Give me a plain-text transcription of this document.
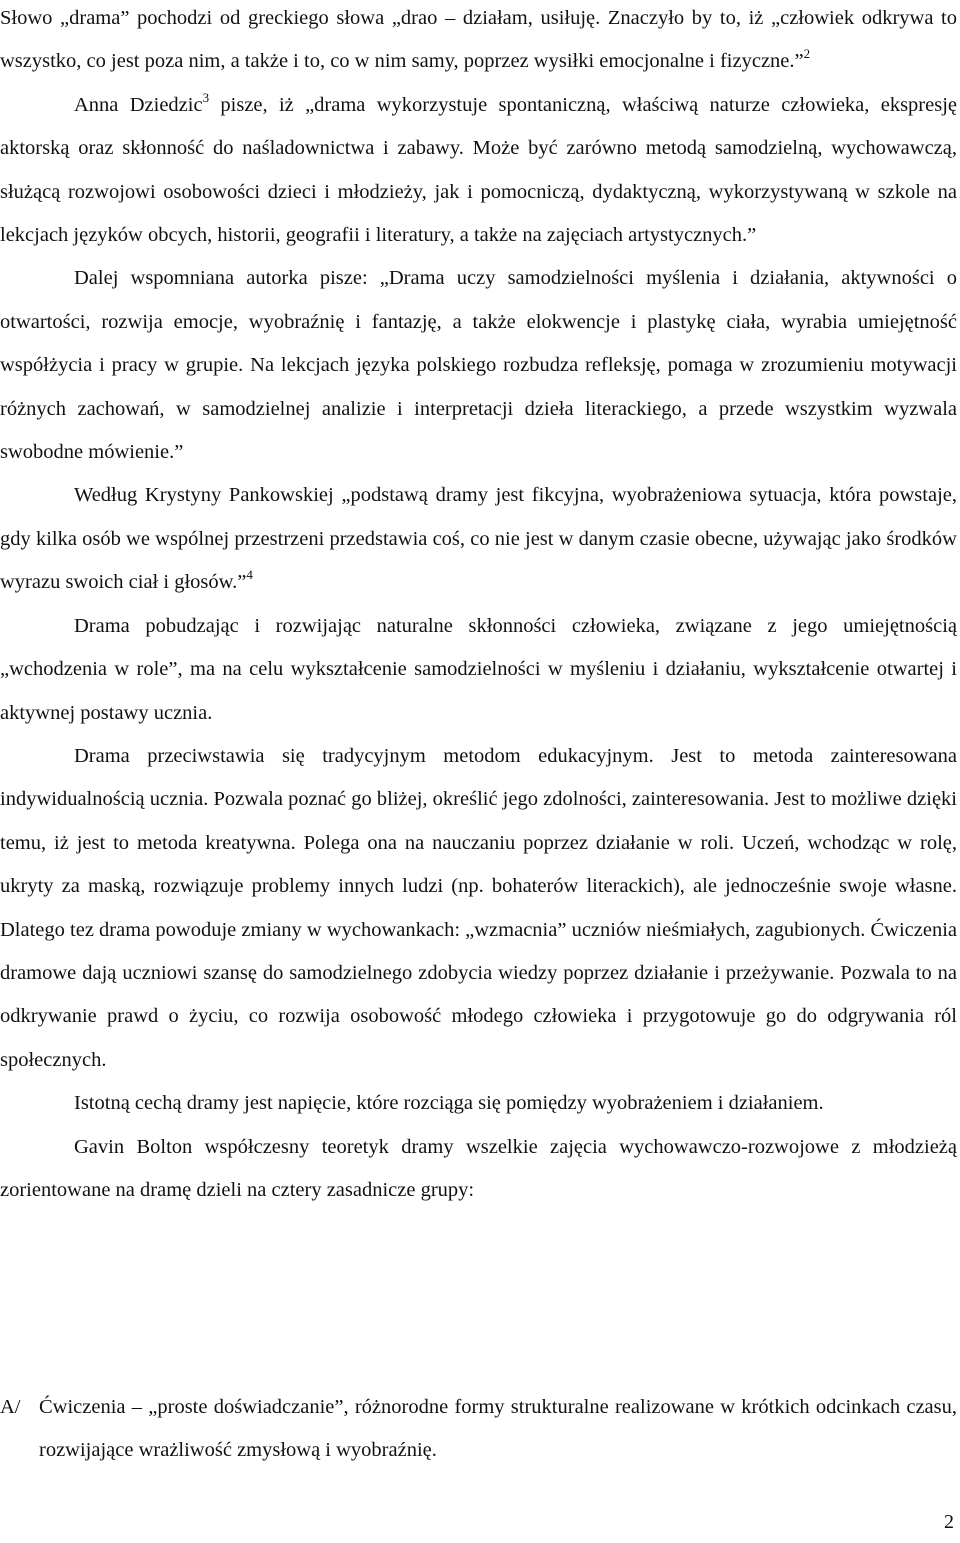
Słowo „drama” pochodzi od greckiego słowa „drao – działam, usiłuję. Znaczyło by to, iż „człowiek odkrywa to wszystko, co jest poza nim, a także i to, co w nim samy, poprzez wysiłki emocjonalne i fizyczne.”$^2$

Anna Dziedzic$^3$ pisze, iż „drama wykorzystuje spontaniczną, właściwą naturze człowieka, ekspresję aktorską oraz skłonność do naśladownictwa i zabawy. Może być zarówno metodą samodzielną, wychowawczą, służącą rozwojowi osobowości dzieci i młodzieży, jak i pomocniczą, dydaktyczną, wykorzystywaną w szkole na lekcjach języków obcych, historii, geografii i literatury, a także na zajęciach artystycznych.”

Dalej wspomniana autorka pisze: „Drama uczy samodzielności myślenia i działania, aktywności o otwartości, rozwija emocje, wyobraźnię i fantazję, a także elokwencje i plastykę ciała, wyrabia umiejętność współżycia i pracy w grupie. Na lekcjach języka polskiego rozbudza refleksję, pomaga w zrozumieniu motywacji różnych zachowań, w samodzielnej analizie i interpretacji dzieła literackiego, a przede wszystkim wyzwala swobodne mówienie.”

Według Krystyny Pankowskiej „podstawą dramy jest fikcyjna, wyobrażeniowa sytuacja, która powstaje, gdy kilka osób we wspólnej przestrzeni przedstawia coś, co nie jest w danym czasie obecne, używając jako środków wyrazu swoich ciał i głosów.”$^4$

Drama pobudzając i rozwijając naturalne skłonności człowieka, związane z jego umiejętnością „wchodzenia w role”, ma na celu wykształcenie samodzielności w myśleniu i działaniu, wykształcenie otwartej i aktywnej postawy ucznia.

Drama przeciwstawia się tradycyjnym metodom edukacyjnym. Jest to metoda zainteresowana indywidualnością ucznia. Pozwala poznać go bliżej, określić jego zdolności, zainteresowania. Jest to możliwe dzięki temu, iż jest to metoda kreatywna. Polega ona na nauczaniu poprzez działanie w roli. Uczeń, wchodząc w rolę, ukryty za maską, rozwiązuje problemy innych ludzi (np. bohaterów literackich), ale jednocześnie swoje własne. Dlatego tez drama powoduje zmiany w wychowankach: „wzmacnia” uczniów nieśmiałych, zagubionych. Ćwiczenia dramowe dają uczniowi szansę do samodzielnego zdobycia wiedzy poprzez działanie i przeżywanie. Pozwala to na odkrywanie prawd o życiu, co rozwija osobowość młodego człowieka i przygotowuje go do odgrywania ról społecznych.

Istotną cechą dramy jest napięcie, które rozciąga się pomiędzy wyobrażeniem i działaniem.

Gavin Bolton współczesny teoretyk dramy wszelkie zajęcia wychowawczo-rozwojowe z młodzieżą zorientowane na dramę dzieli na cztery zasadnicze grupy:

A/ Ćwiczenia – „proste doświadczanie”, różnorodne formy strukturalne realizowane w krótkich odcinkach czasu, rozwijające wrażliwość zmysłową i wyobraźnię.

2
